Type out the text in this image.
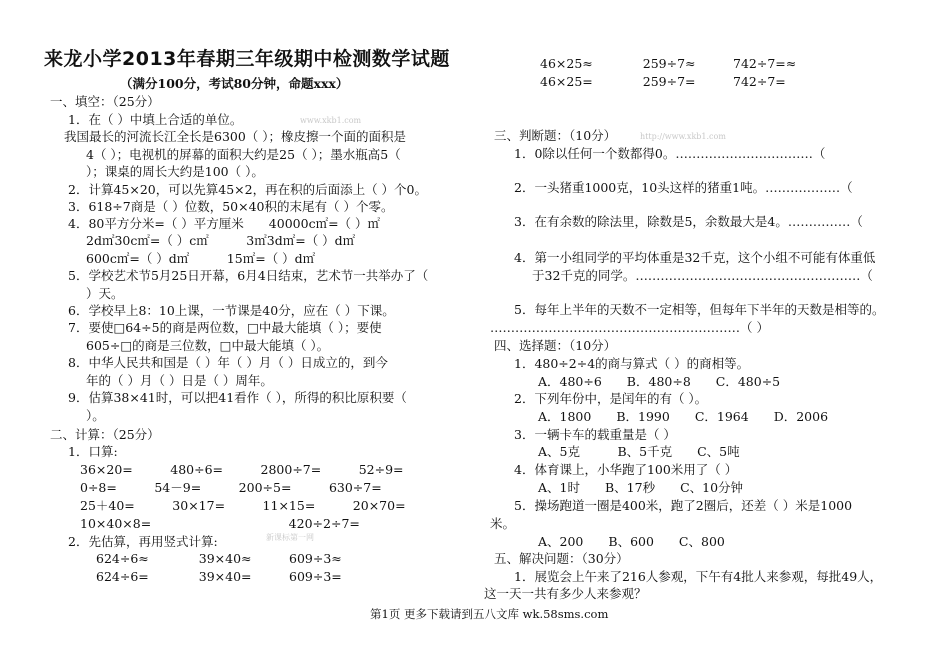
来龙小学2013年春期三年级期中检测数学试题
（满分100分，考试80分钟，命题xxx）
一、填空：（25分）
1．在（ ）中填上合适的单位。
我国最长的河流长江全长是6300（ ）；橡皮擦一个面的面积是
4（ ）；电视机的屏幕的面积大约是25（ ）；墨水瓶高5（
）；课桌的周长大约是100（ ）。
2．计算45×20，可以先算45×2，再在积的后面添上（ ）个0。
3．618÷7商是（ ）位数，50×40积的末尾有（ ）个零。
4．80平方分米=（ ）平方厘米　　40000c㎡=（ ）㎡
2d㎡30c㎡=（ ）c㎡　　　3㎡3d㎡=（ ）d㎡
600c㎡=（ ）d㎡　　　15㎡=（ ）d㎡
5．学校艺术节5月25日开幕，6月4日结束，艺术节一共举办了（
）天。
6．学校早上8：10上课，一节课是40分，应在（ ）下课。
7．要使□64÷5的商是两位数，□中最大能填（ ）；要使
605÷□的商是三位数，□中最大能填（ ）。
8．中华人民共和国是（ ）年（ ）月（ ）日成立的，到今
年的（ ）月（ ）日是（ ）周年。
9．估算38×41时，可以把41看作（ ），所得的积比原积要（
）。
二、计算：（25分）
1．口算:
36×20=　　　480÷6=　　　2800÷7=　　　52÷9=
0÷8=　　　54－9=　　　200÷5=　　　630÷7=
25＋40=　　　30×17=　　　11×15=　　　20×70=
10×40×8=　　　　　　　　　　　420÷2÷7=
2．先估算，再用竖式计算:
624÷6≈　　　　39×40≈　　　609÷3≈
624÷6=　　　　39×40=　　　609÷3=
46×25≈　　　　259÷7≈　　　742÷7=≈
46×25=　　　　259÷7=　　　742÷7=
三、判断题：（10分）
1．0除以任何一个数都得0。……………………………（
2．一头猪重1000克，10头这样的猪重1吨。………………（
3．在有余数的除法里，除数是5，余数最大是4。……………（
4．第一小组同学的平均体重是32千克，这个小组不可能有体重低
于32千克的同学。………………………………………………（
5．每年上半年的天数不一定相等，但每年下半年的天数是相等的。
……………………………………………………（ ）
四、选择题：（10分）
1．480÷2÷4的商与算式（ ）的商相等。
A．480÷6　　B．480÷8　　C．480÷5
2．下列年份中，是闰年的有（ ）。
A．1800　　B．1990　　C．1964　　D．2006
3．一辆卡车的载重量是（ ）
A、5克　　　B、5千克　　C、5吨
4．体育课上，小华跑了100米用了（ ）
A、1时　　B、17秒　　C、10分钟
5．操场跑道一圈是400米，跑了2圈后，还差（ ）米是1000
米。
A、200　　B、600　　C、800
五、解决问题：（30分）
1．展览会上午来了216人参观，下午有4批人来参观，每批49人，
这一天一共有多少人来参观？
www.xkb1.com
http://www.xkb1.com
新课标第一网
第1页 更多下载请到五八文库 wk.58sms.com
